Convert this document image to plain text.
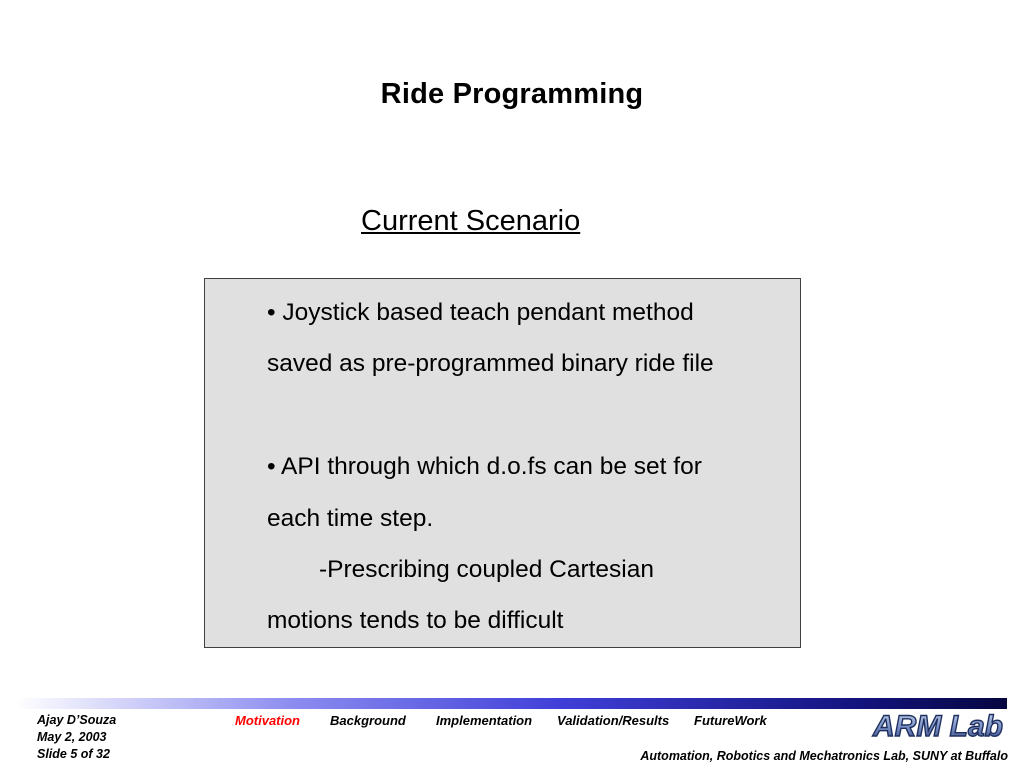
Ride Programming
Current Scenario
• Joystick based teach pendant method
saved as pre-programmed binary ride file
• API through which d.o.fs can be set for
each time step.
-Prescribing coupled Cartesian
motions tends to be difficult
Ajay D’Souza
May 2, 2003
Slide 5 of 32
Motivation Background Implementation Validation/Results FutureWork	ARM Lab
Automation, Robotics and Mechatronics Lab, SUNY at Buffalo
